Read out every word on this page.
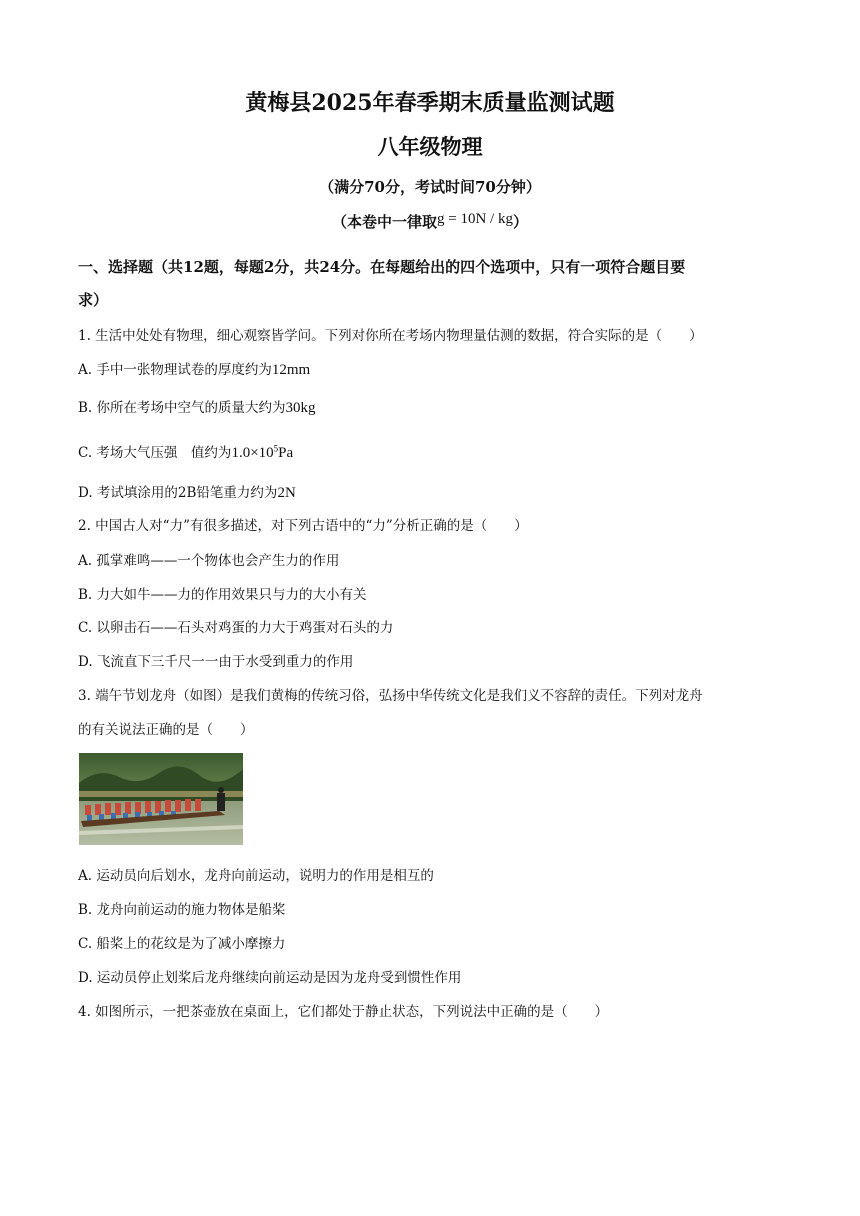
黄梅县2025年春季期末质量监测试题
八年级物理
（满分70分，考试时间70分钟）
（本卷中一律取g = 10N / kg）
一、选择题（共12题，每题2分，共24分。在每题给出的四个选项中，只有一项符合题目要
求）
1. 生活中处处有物理，细心观察皆学问。下列对你所在考场内物理量估测的数据，符合实际的是（　　）
A. 手中一张物理试卷的厚度约为12mm
B. 你所在考场中空气的质量大约为30kg
C. 考场大气压强　值约为$1.0\times 10^5Pa$
D. 考试填涂用的2B铅笔重力约为2N
2. 中国古人对“力”有很多描述，对下列古语中的“力”分析正确的是（　　）
A. 孤掌难鸣——一个物体也会产生力的作用
B. 力大如牛——力的作用效果只与力的大小有关
C. 以卵击石——石头对鸡蛋的力大于鸡蛋对石头的力
D. 飞流直下三千尺一一由于水受到重力的作用
3. 端午节划龙舟（如图）是我们黄梅的传统习俗，弘扬中华传统文化是我们义不容辞的责任。下列对龙舟
的有关说法正确的是（　　）
A. 运动员向后划水，龙舟向前运动，说明力的作用是相互的
B. 龙舟向前运动的施力物体是船桨
C. 船桨上的花纹是为了减小摩擦力
D. 运动员停止划桨后龙舟继续向前运动是因为龙舟受到惯性作用
4. 如图所示，一把茶壶放在桌面上，它们都处于静止状态，下列说法中正确的是（　　）
